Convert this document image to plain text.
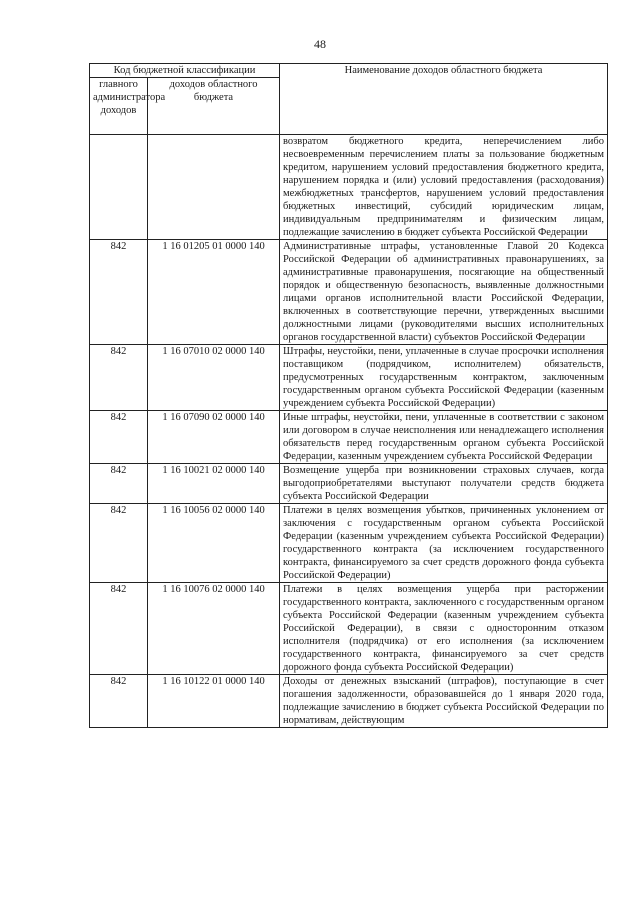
48
Код бюджетной классификации		Наименование доходов областного бюджета
главного администратора доходов	доходов областного бюджета	
		возвратом бюджетного кредита, неперечислением либо несвоевременным перечислением платы за пользование бюджетным кредитом, нарушением условий предоставления бюджетного кредита, нарушением порядка и (или) условий предоставления (расходования) межбюджетных трансфертов, нарушением условий предоставления бюджетных инвестиций, субсидий юридическим лицам, индивидуальным предпринимателям и физическим лицам, подлежащие зачислению в бюджет субъекта Российской Федерации
842	1 16 01205 01 0000 140	Административные штрафы, установленные Главой 20 Кодекса Российской Федерации об административных правонарушениях, за административные правонарушения, посягающие на общественный порядок и общественную безопасность, выявленные должностными лицами органов исполнительной власти Российской Федерации, включенных в соответствующие перечни, утвержденных высшими должностными лицами (руководителями высших исполнительных органов государственной власти) субъектов Российской Федерации
842	1 16 07010 02 0000 140	Штрафы, неустойки, пени, уплаченные в случае просрочки исполнения поставщиком (подрядчиком, исполнителем) обязательств, предусмотренных государственным контрактом, заключенным государственным органом субъекта Российской Федерации (казенным учреждением субъекта Российской Федерации)
842	1 16 07090 02 0000 140	Иные штрафы, неустойки, пени, уплаченные в соответствии с законом или договором в случае неисполнения или ненадлежащего исполнения обязательств перед государственным органом субъекта Российской Федерации, казенным учреждением субъекта Российской Федерации
842	1 16 10021 02 0000 140	Возмещение ущерба при возникновении страховых случаев, когда выгодоприобретателями выступают получатели средств бюджета субъекта Российской Федерации
842	1 16 10056 02 0000 140	Платежи в целях возмещения убытков, причиненных уклонением от заключения с государственным органом субъекта Российской Федерации (казенным учреждением субъекта Российской Федерации) государственного контракта (за исключением государственного контракта, финансируемого за счет средств дорожного фонда субъекта Российской Федерации)
842	1 16 10076 02 0000 140	Платежи в целях возмещения ущерба при расторжении государственного контракта, заключенного с государственным органом субъекта Российской Федерации (казенным учреждением субъекта Российской Федерации), в связи с односторонним отказом исполнителя (подрядчика) от его исполнения (за исключением государственного контракта, финансируемого за счет средств дорожного фонда субъекта Российской Федерации)
842	1 16 10122 01 0000 140	Доходы от денежных взысканий (штрафов), поступающие в счет погашения задолженности, образовавшейся до 1 января 2020 года, подлежащие зачислению в бюджет субъекта Российской Федерации по нормативам, действующим
